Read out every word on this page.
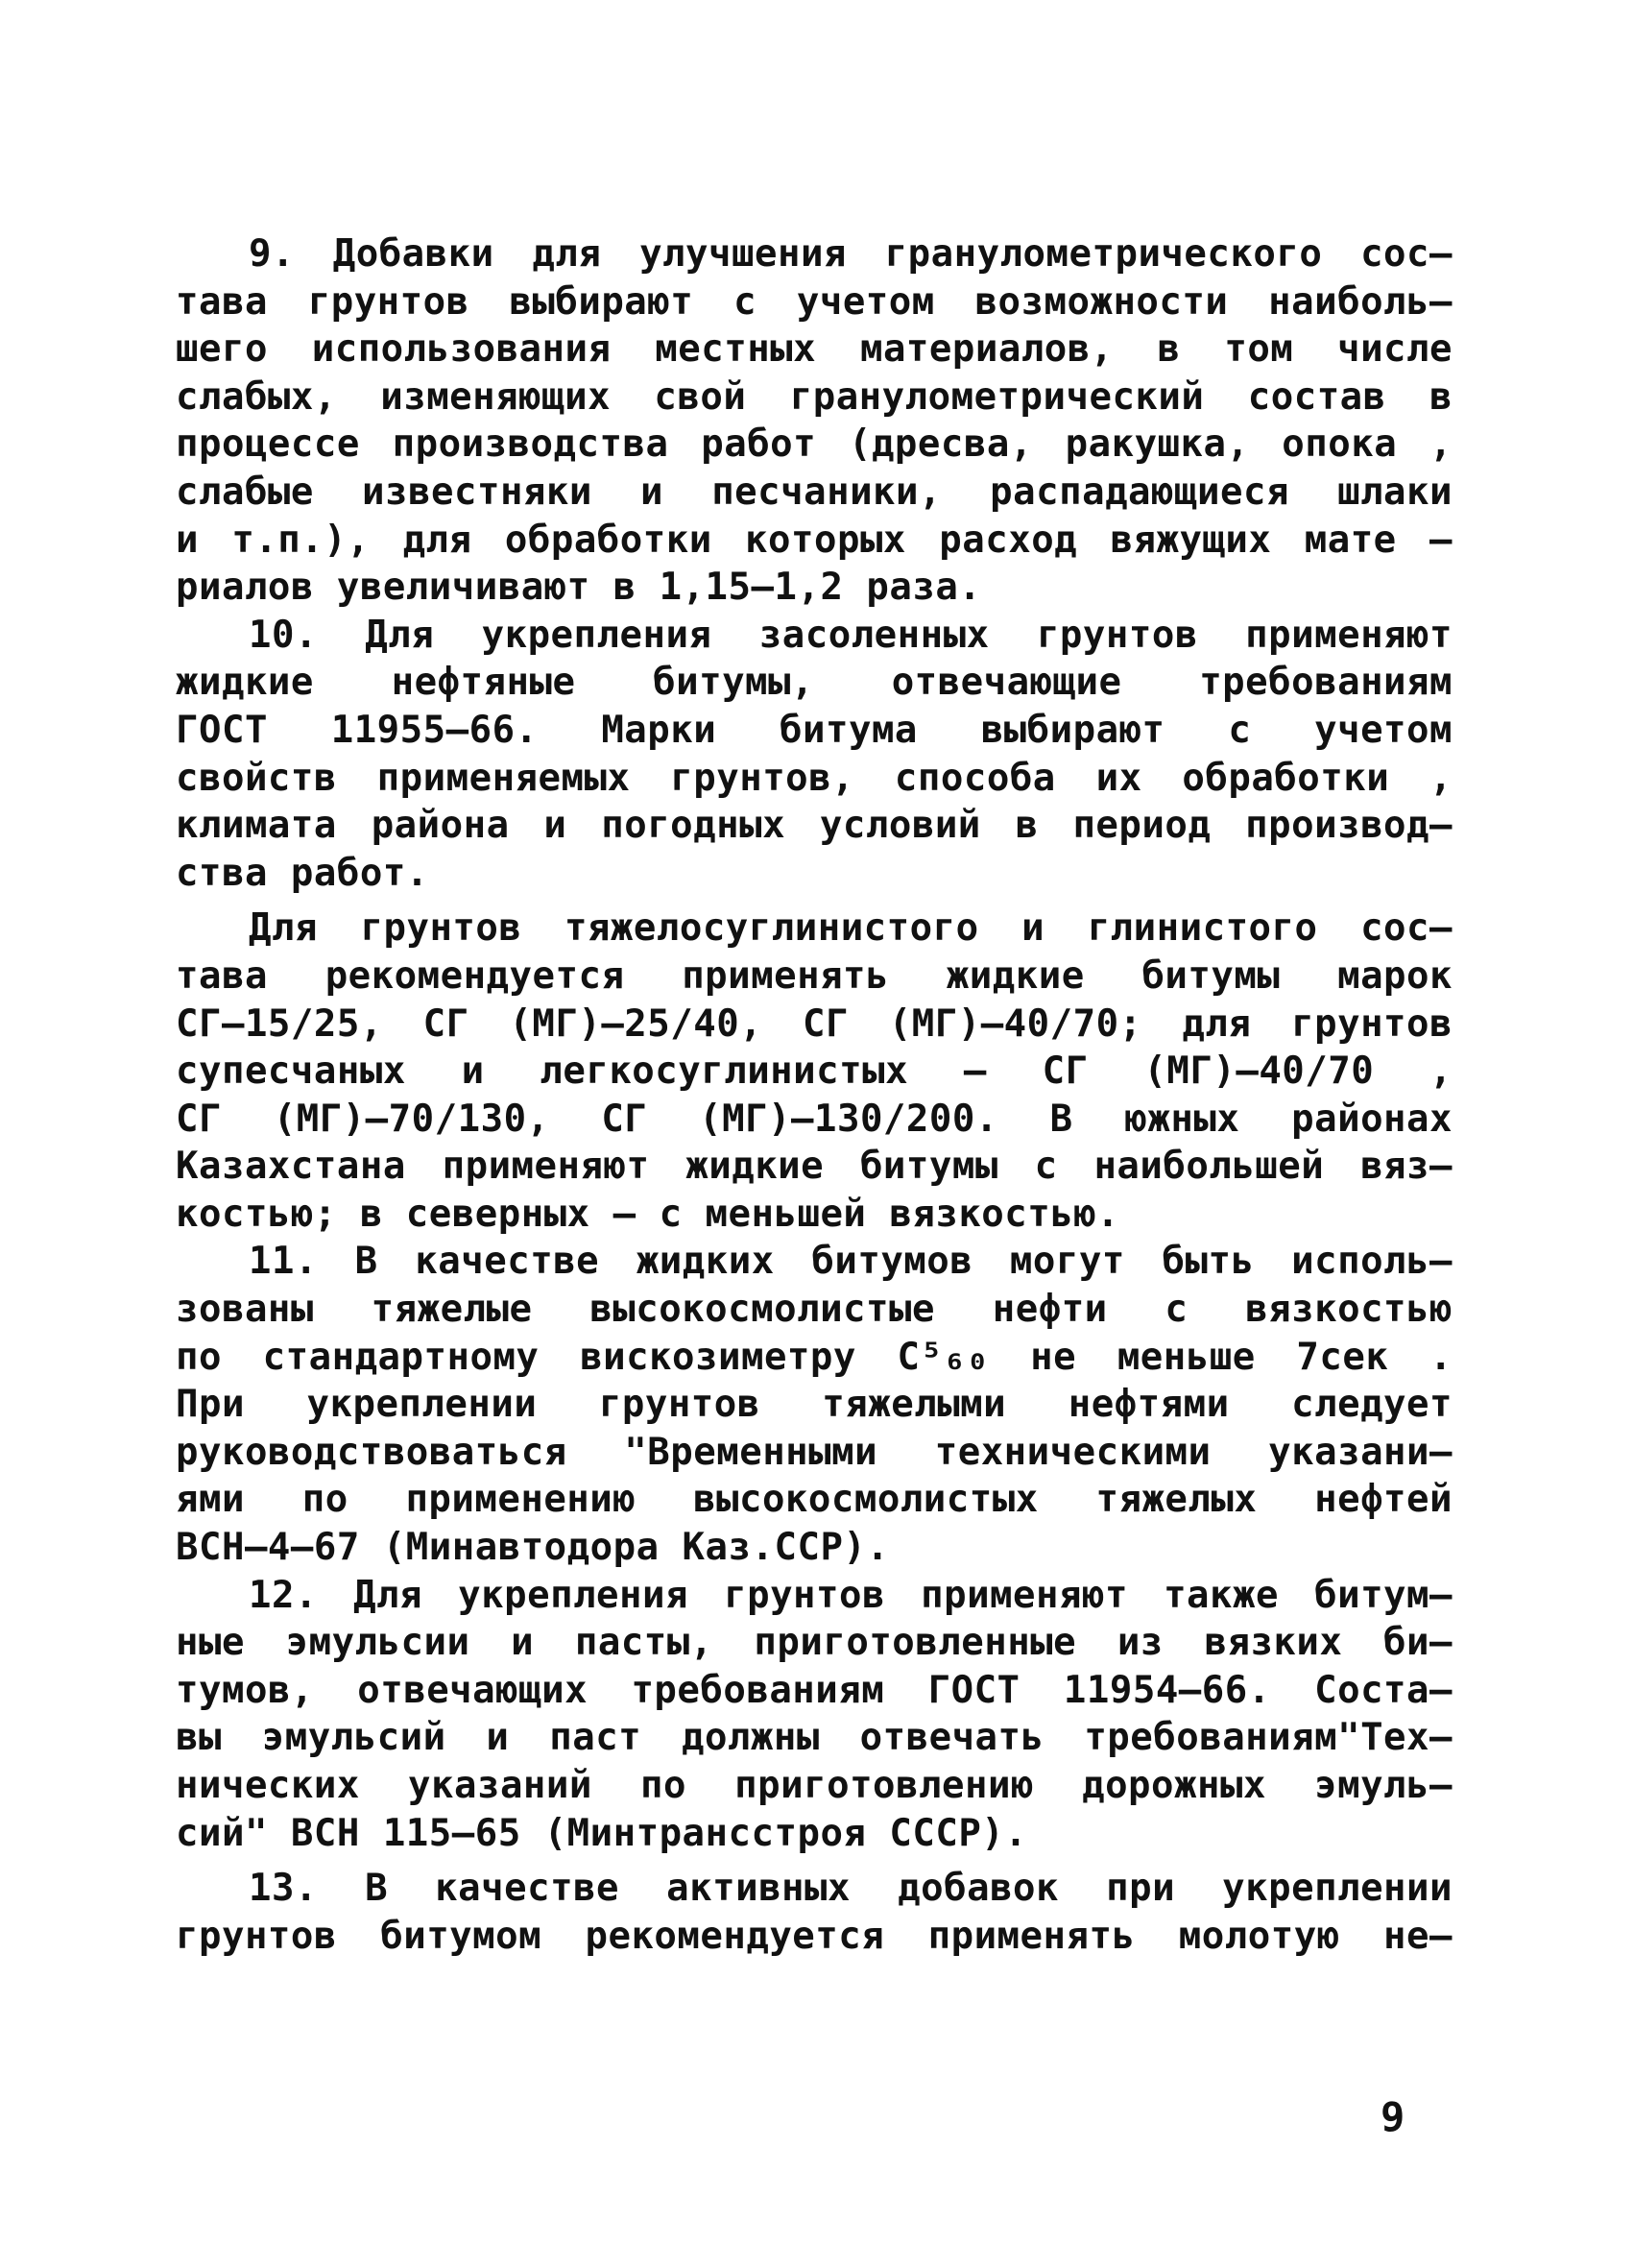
9. Добавки для улучшения гранулометрического сос–
тава грунтов выбирают с учетом возможности наиболь–
шего использования местных материалов, в том числе
слабых, изменяющих свой гранулометрический состав в
процессе производства работ (дресва, ракушка, опока ,
слабые известняки и песчаники, распадающиеся шлаки
и т.п.), для обработки которых расход вяжущих мате –
риалов увеличивают в 1,15–1,2 раза.
10. Для укрепления засоленных грунтов применяют
жидкие нефтяные битумы, отвечающие требованиям
ГОСТ 11955–66. Марки битума выбирают с учетом
свойств применяемых грунтов, способа их обработки ,
климата района и погодных условий в период производ–
ства работ.
Для грунтов тяжелосуглинистого и глинистого сос–
тава рекомендуется применять жидкие битумы марок
СГ–15/25, СГ (МГ)–25/40, СГ (МГ)–40/70; для грунтов
супесчаных и легкосуглинистых – СГ (МГ)–40/70 ,
СГ (МГ)–70/130, СГ (МГ)–130/200. В южных районах
Казахстана применяют жидкие битумы с наибольшей вяз–
костью; в северных – с меньшей вязкостью.
11. В качестве жидких битумов могут быть исполь–
зованы тяжелые высокосмолистые нефти с вязкостью
по стандартному вискозиметру С⁵₆₀ не меньше 7сек .
При укреплении грунтов тяжелыми нефтями следует
руководствоваться "Временными техническими указани–
ями по применению высокосмолистых тяжелых нефтей
ВСН–4–67 (Минавтодора Каз.ССР).
12. Для укрепления грунтов применяют также битум–
ные эмульсии и пасты, приготовленные из вязких би–
тумов, отвечающих требованиям ГОСТ 11954–66. Соста–
вы эмульсий и паст должны отвечать требованиям"Тех–
нических указаний по приготовлению дорожных эмуль–
сий" ВСН 115–65 (Минтрансстроя СССР).
13. В качестве активных добавок при укреплении
грунтов битумом рекомендуется применять молотую не–
9
